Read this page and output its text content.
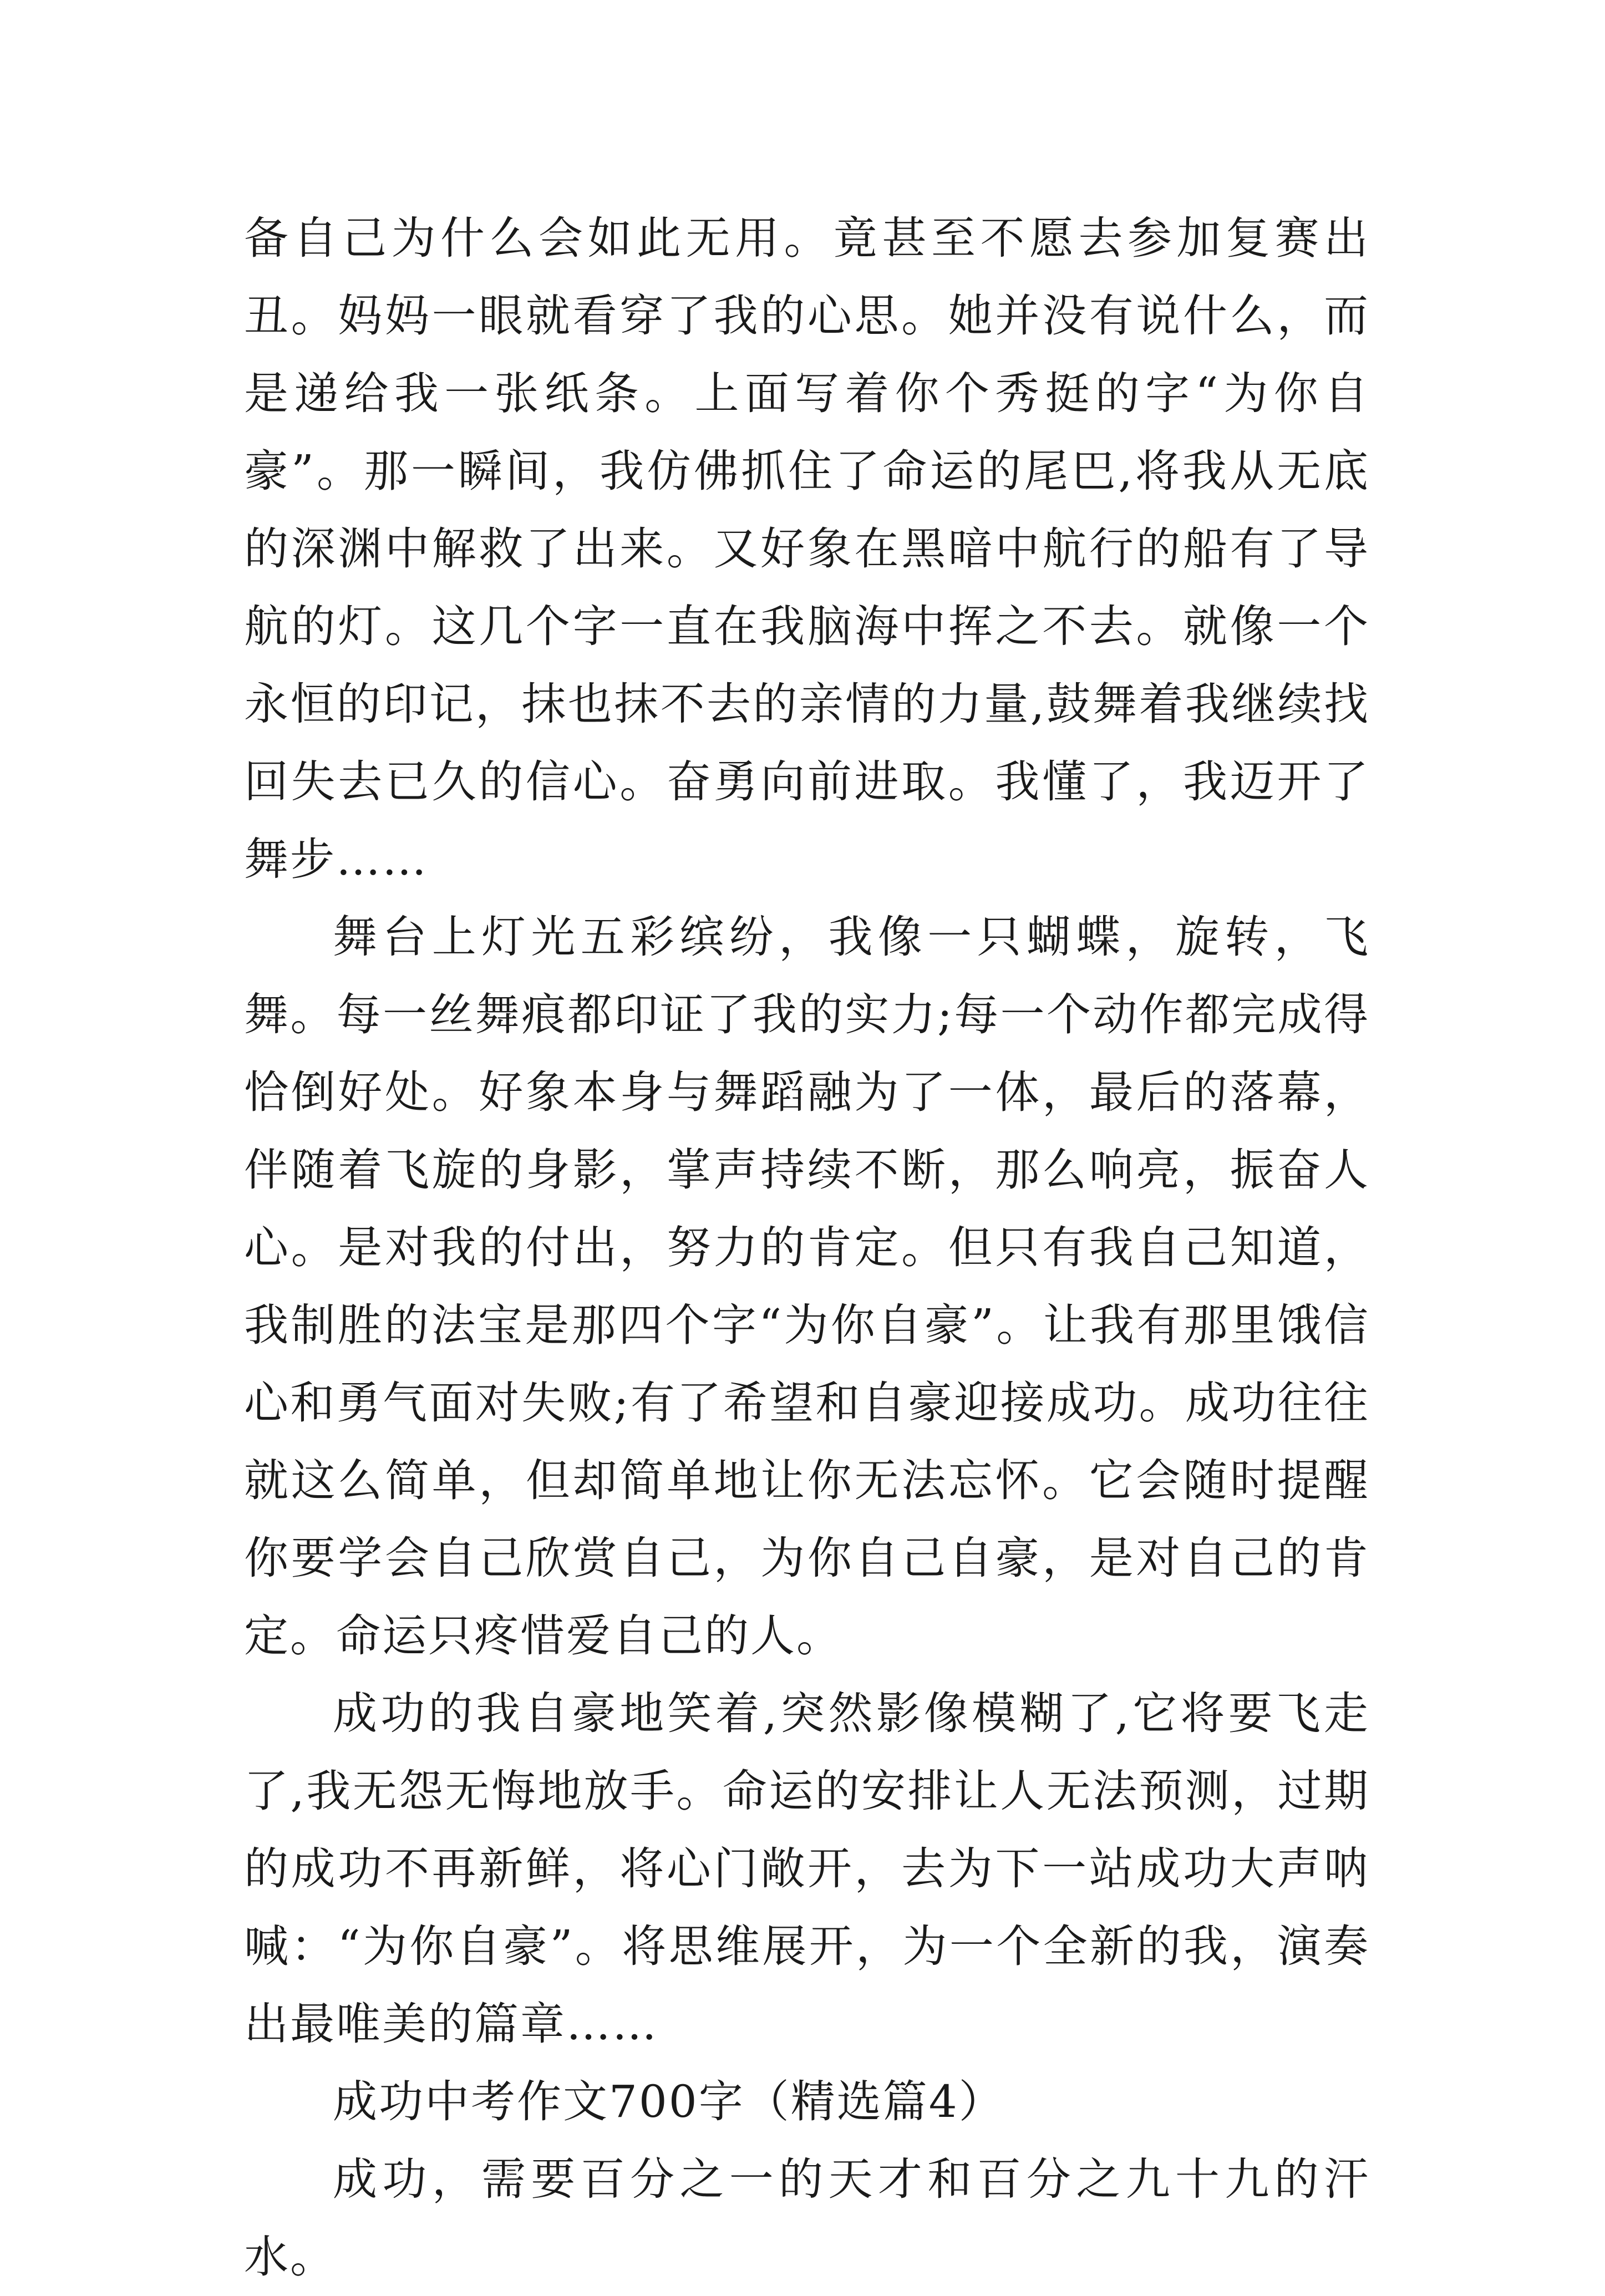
备自己为什么会如此无用。竟甚至不愿去参加复赛出丑。妈妈一眼就看穿了我的心思。她并没有说什么，而是递给我一张纸条。上面写着你个秀挺的字“为你自豪”。那一瞬间，我仿佛抓住了命运的尾巴,将我从无底的深渊中解救了出来。又好象在黑暗中航行的船有了导航的灯。这几个字一直在我脑海中挥之不去。就像一个永恒的印记，抹也抹不去的亲情的力量,鼓舞着我继续找回失去已久的信心。奋勇向前进取。我懂了，我迈开了舞步……

舞台上灯光五彩缤纷，我像一只蝴蝶，旋转，飞舞。每一丝舞痕都印证了我的实力;每一个动作都完成得恰倒好处。好象本身与舞蹈融为了一体，最后的落幕，伴随着飞旋的身影，掌声持续不断，那么响亮，振奋人心。是对我的付出，努力的肯定。但只有我自己知道，我制胜的法宝是那四个字“为你自豪”。让我有那里饿信心和勇气面对失败;有了希望和自豪迎接成功。成功往往就这么简单，但却简单地让你无法忘怀。它会随时提醒你要学会自己欣赏自己，为你自己自豪，是对自己的肯定。命运只疼惜爱自己的人。

成功的我自豪地笑着,突然影像模糊了,它将要飞走了,我无怨无悔地放手。命运的安排让人无法预测，过期的成功不再新鲜，将心门敞开，去为下一站成功大声呐喊：“为你自豪”。将思维展开，为一个全新的我，演奏出最唯美的篇章……

成功中考作文700字（精选篇4）

成功，需要百分之一的天才和百分之九十九的汗水。
